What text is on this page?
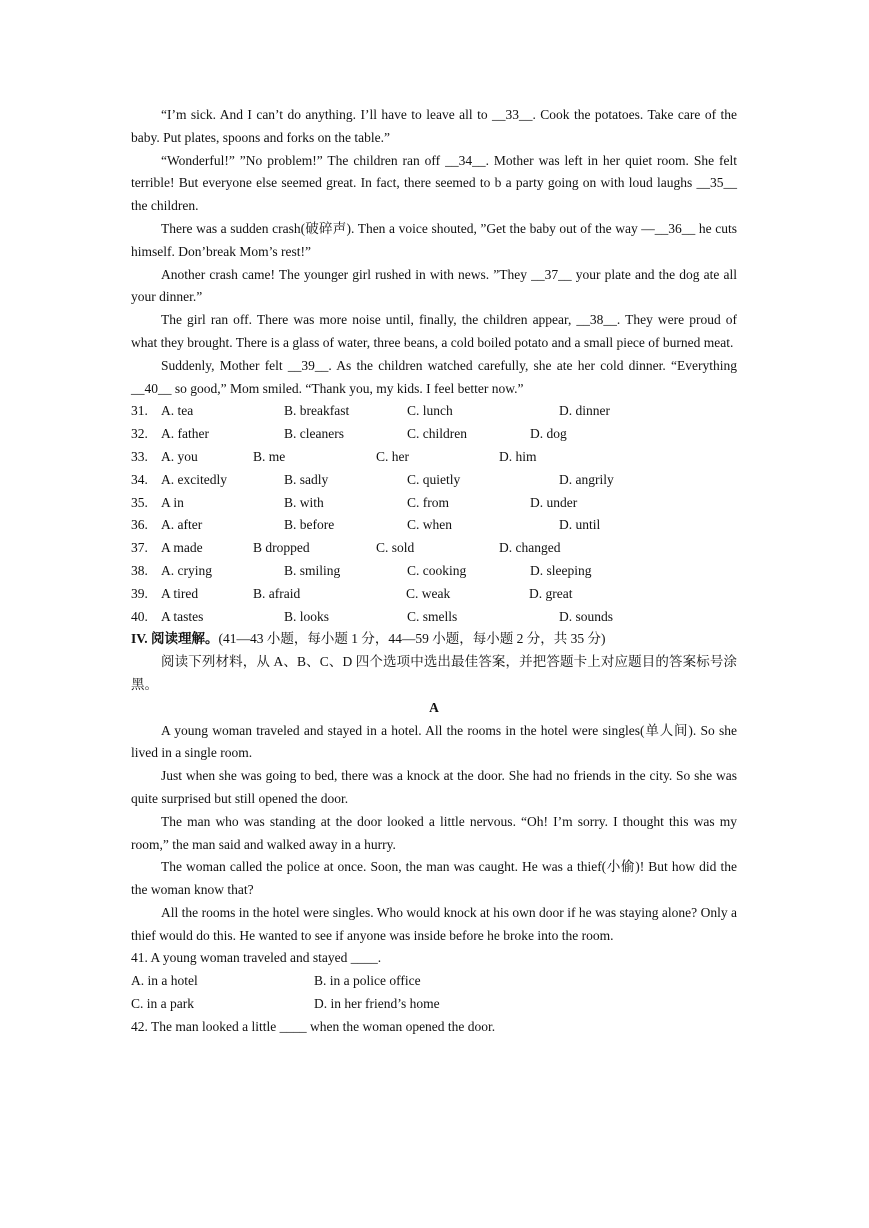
“I’m sick. And I can’t do anything. I’ll have to leave all to __33__. Cook the potatoes. Take care of the baby. Put plates, spoons and forks on the table.”

“Wonderful!” ”No problem!” The children ran off __34__. Mother was left in her quiet room. She felt terrible! But everyone else seemed great. In fact, there seemed to b a party going on with loud laughs __35__ the children.

There was a sudden crash(破碎声). Then a voice shouted, ”Get the baby out of the way —__36__ he cuts himself. Don’break Mom’s rest!”

Another crash came! The younger girl rushed in with news. ”They __37__ your plate and the dog ate all your dinner.”

The girl ran off. There was more noise until, finally, the children appear, __38__. They were proud of what they brought. There is a glass of water, three beans, a cold boiled potato and a small piece of burned meat.

Suddenly, Mother felt __39__. As the children watched carefully, she ate her cold dinner. “Everything __40__ so good,” Mom smiled. “Thank you, my kids. I feel better now.”

31. A. tea	B. breakfast	C. lunch	D. dinner
32. A. father	B. cleaners	C. children	D. dog
33. A. you	B. me	C. her	D. him
34. A. excitedly	B. sadly	C. quietly	D. angrily
35. A in	B. with	C. from	D. under
36. A. after	B. before	C. when	D. until
37. A made	B dropped	C. sold	D. changed
38. A. crying	B. smiling	C. cooking	D. sleeping
39. A tired	B. afraid	C. weak	D. great
40. A tastes	B. looks	C. smells	D. sounds
IV. 阅读理解。(41—43 小题，每小题 1 分，44—59 小题，每小题 2 分，共 35 分)

阅读下列材料，从 A、B、C、D 四个选项中选出最佳答案，并把答题卡上对应题目的答案标号涂黑。

A

A young woman traveled and stayed in a hotel. All the rooms in the hotel were singles(单人间). So she lived in a single room.

Just when she was going to bed, there was a knock at the door. She had no friends in the city. So she was quite surprised but still opened the door.

The man who was standing at the door looked a little nervous. “Oh! I’m sorry. I thought this was my room,” the man said and walked away in a hurry.

The woman called the police at once. Soon, the man was caught. He was a thief(小偷)! But how did the the woman know that?

All the rooms in the hotel were singles. Who would knock at his own door if he was staying alone? Only a thief would do this. He wanted to see if anyone was inside before he broke into the room.

41. A young woman traveled and stayed ____.
A. in a hotel	B. in a police office
C. in a park	D. in her friend’s home
42. The man looked a little ____ when the woman opened the door.
